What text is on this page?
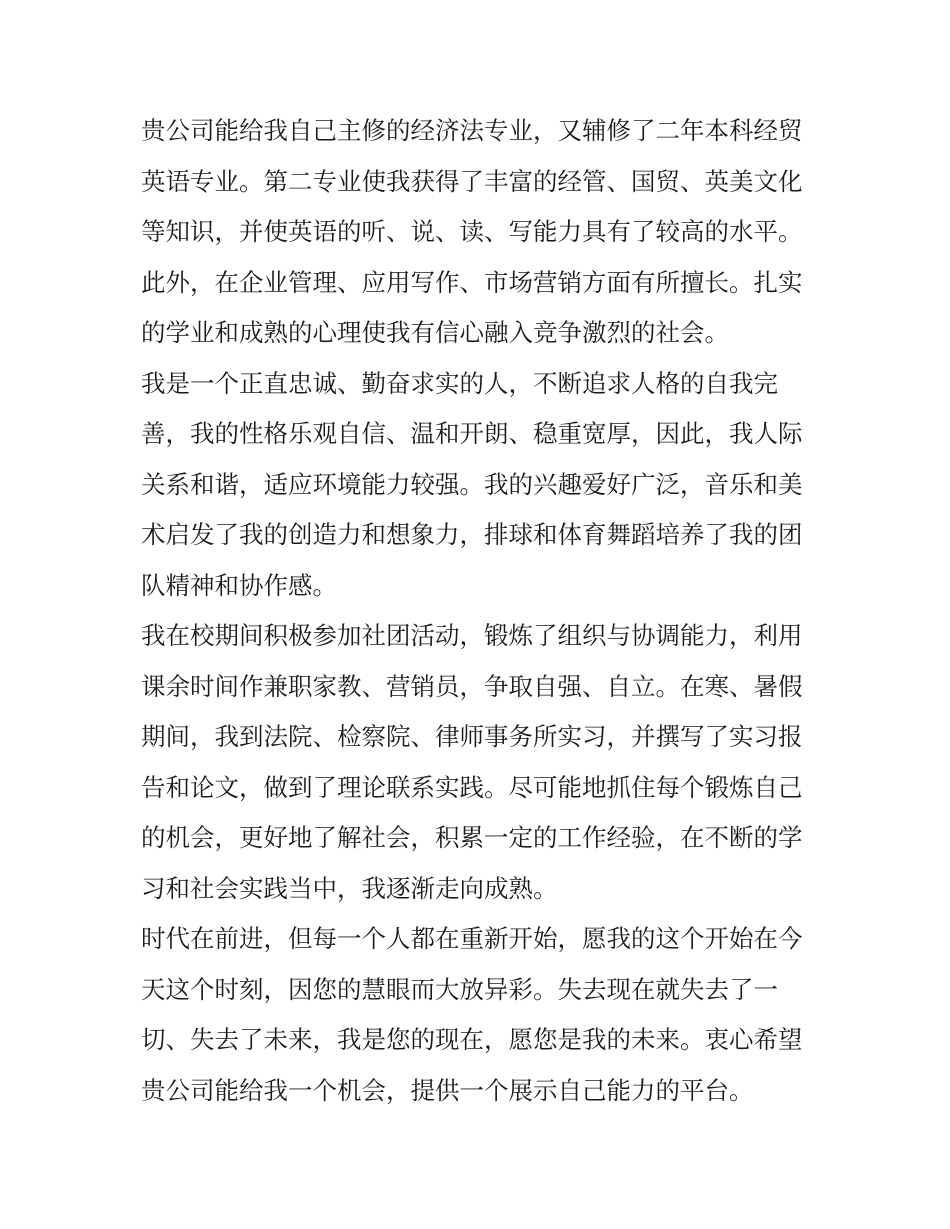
贵公司能给我自己主修的经济法专业，又辅修了二年本科经贸
英语专业。第二专业使我获得了丰富的经管、国贸、英美文化
等知识，并使英语的听、说、读、写能力具有了较高的水平。
此外，在企业管理、应用写作、市场营销方面有所擅长。扎实
的学业和成熟的心理使我有信心融入竞争激烈的社会。
我是一个正直忠诚、勤奋求实的人，不断追求人格的自我完
善，我的性格乐观自信、温和开朗、稳重宽厚，因此，我人际
关系和谐，适应环境能力较强。我的兴趣爱好广泛，音乐和美
术启发了我的创造力和想象力，排球和体育舞蹈培养了我的团
队精神和协作感。
我在校期间积极参加社团活动，锻炼了组织与协调能力，利用
课余时间作兼职家教、营销员，争取自强、自立。在寒、暑假
期间，我到法院、检察院、律师事务所实习，并撰写了实习报
告和论文，做到了理论联系实践。尽可能地抓住每个锻炼自己
的机会，更好地了解社会，积累一定的工作经验，在不断的学
习和社会实践当中，我逐渐走向成熟。
时代在前进，但每一个人都在重新开始，愿我的这个开始在今
天这个时刻，因您的慧眼而大放异彩。失去现在就失去了一
切、失去了未来，我是您的现在，愿您是我的未来。衷心希望
贵公司能给我一个机会，提供一个展示自己能力的平台。
